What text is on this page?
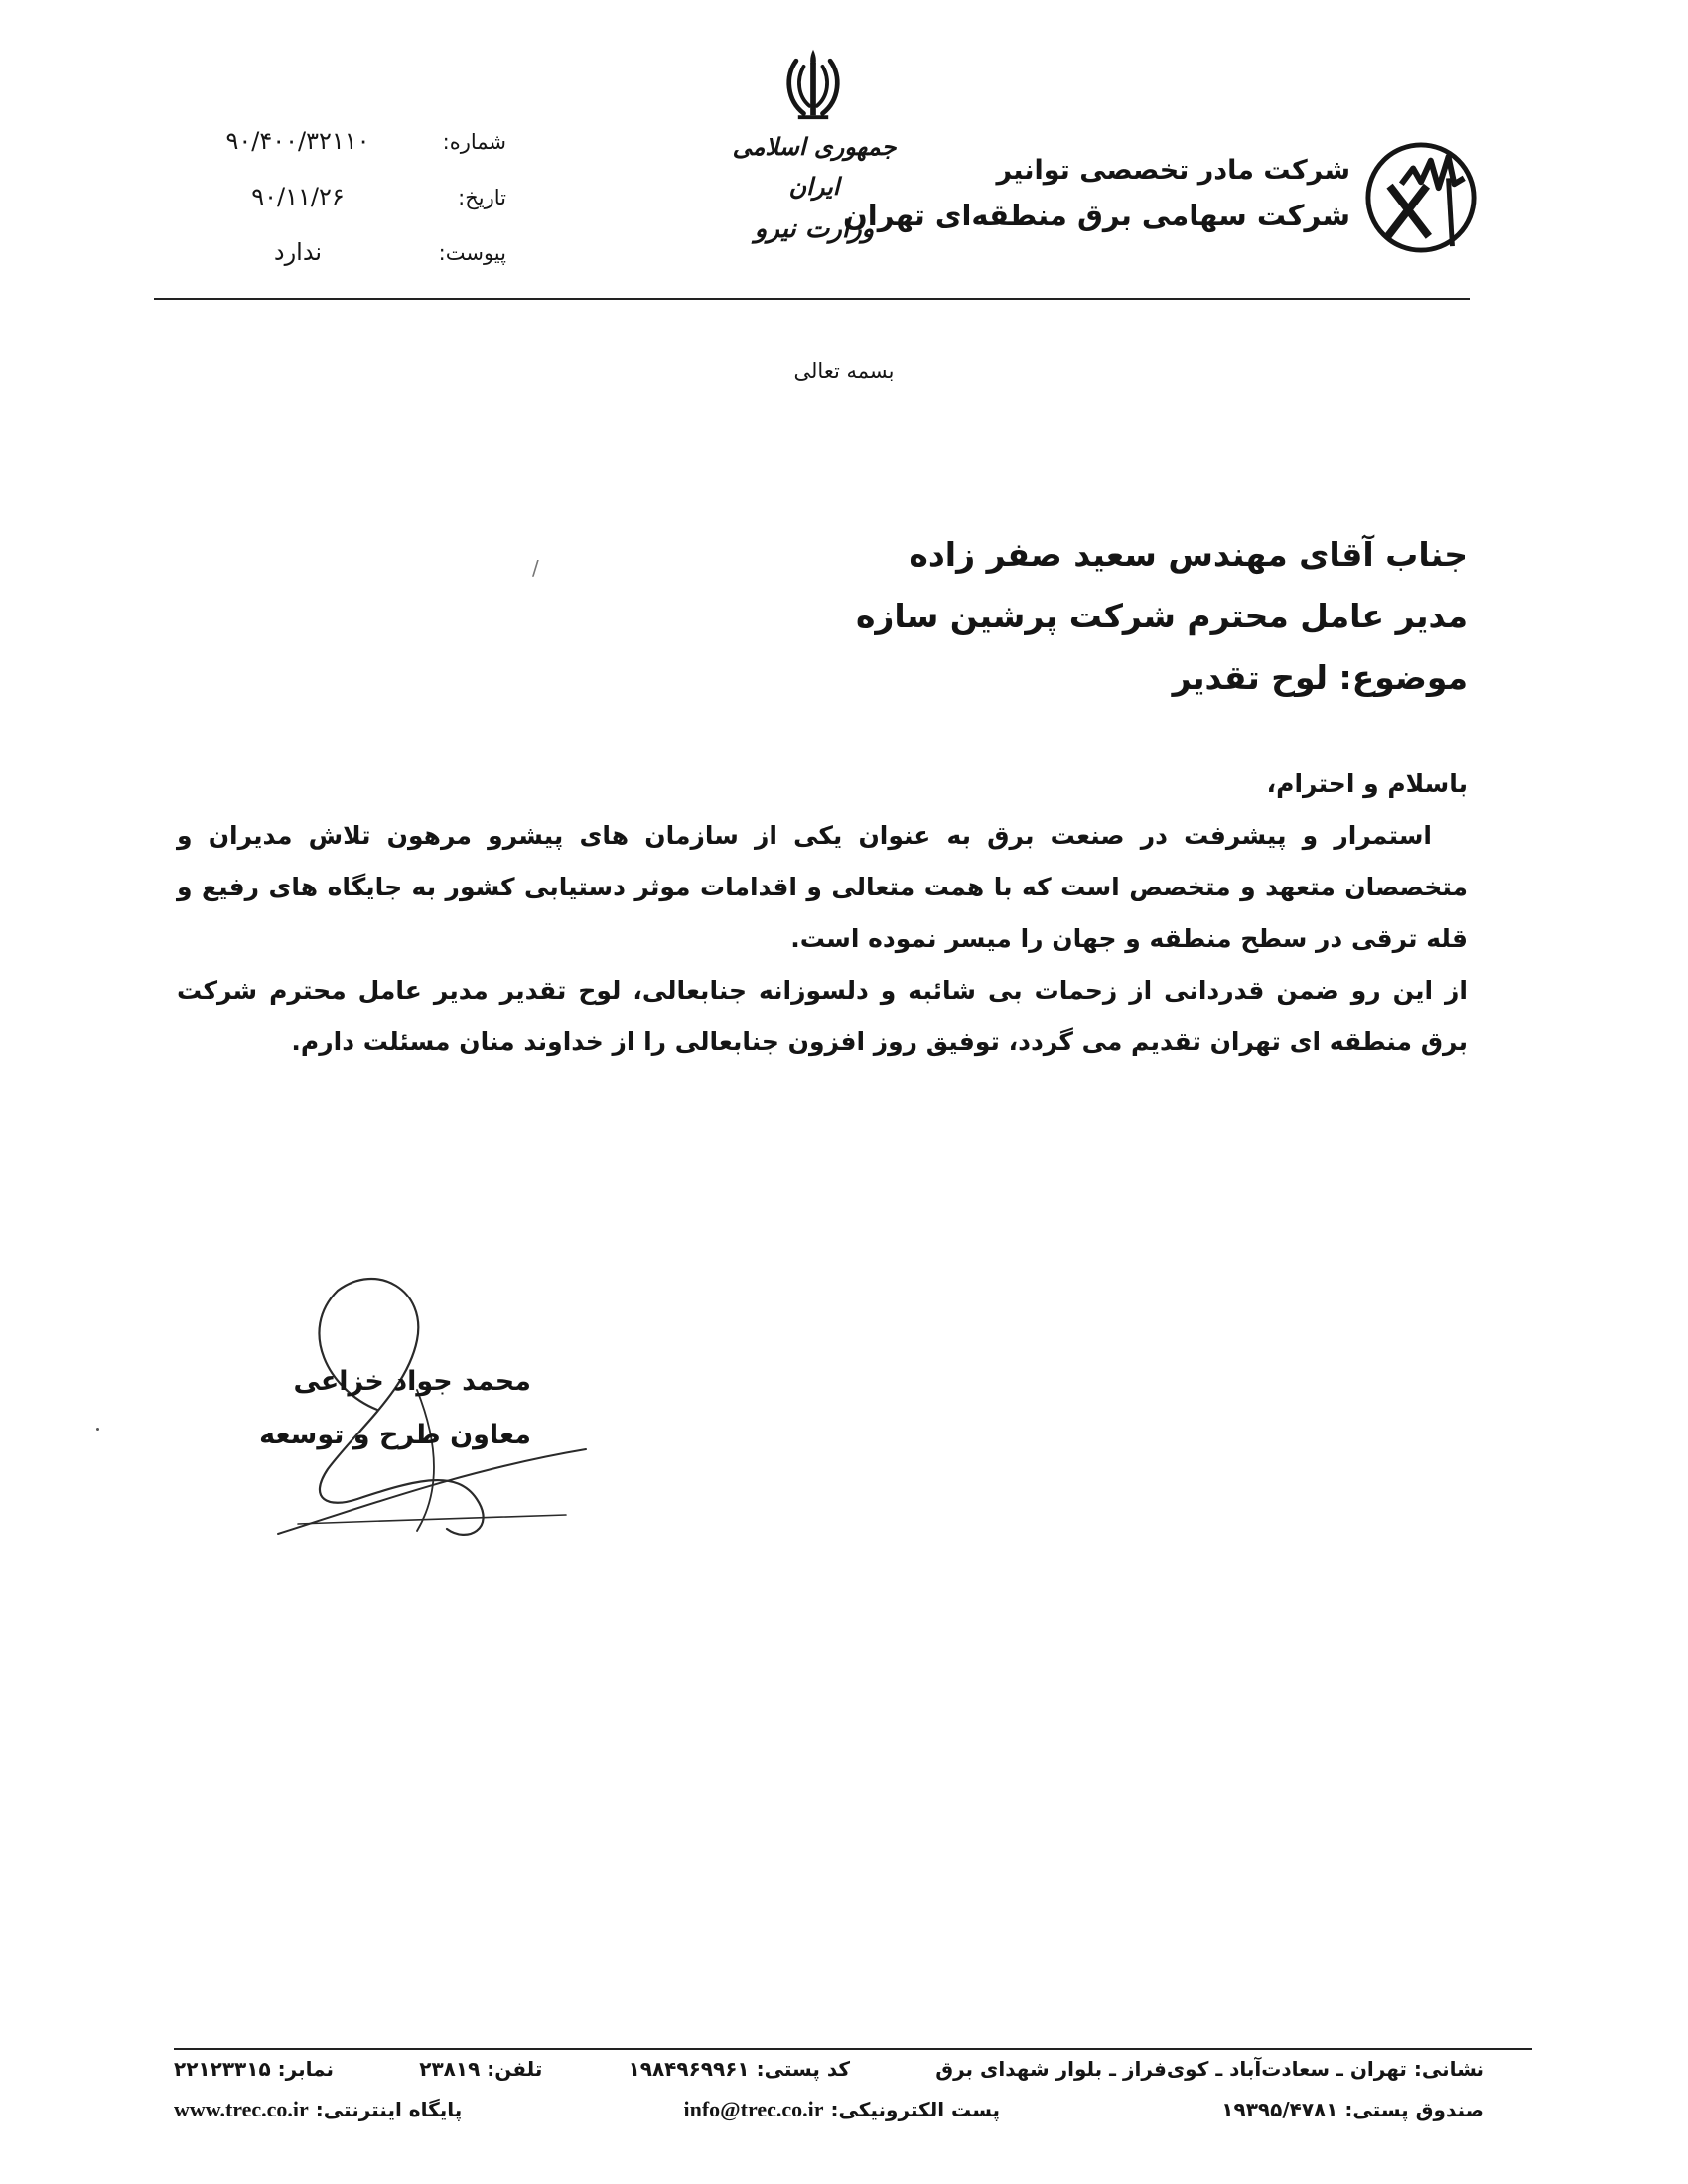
شرکت مادر تخصصی توانیر
شرکت سهامی برق منطقه‌ای تهران
جمهوری اسلامی ایران
وزارت نیرو
شماره:
۹۰/۴۰۰/۳۲۱۱۰
تاریخ:
۹۰/۱۱/۲۶
پیوست:
ندارد
بسمه تعالی
جناب آقای مهندس سعید صفر زاده
مدیر عامل محترم شرکت پرشین سازه
موضوع: لوح تقدیر
/
باسلام و احترام،
استمرار و پیشرفت در صنعت برق به عنوان یکی از سازمان های پیشرو مرهون تلاش مدیران و متخصصان متعهد و متخصص است که با همت متعالی و اقدامات موثر دستیابی کشور به جایگاه های رفیع و قله ترقی در سطح منطقه و جهان را میسر نموده است.
از این رو ضمن قدردانی از زحمات بی شائبه و دلسوزانه جنابعالی، لوح تقدیر مدیر عامل محترم شرکت برق منطقه ای تهران تقدیم می گردد، توفیق روز افزون جنابعالی را از خداوند منان مسئلت دارم.
محمد جواد خزاعی
معاون طرح و توسعه
نشانی: تهران ـ سعادت‌آباد ـ کوی‌فراز ـ بلوار شهدای برق
کد پستی: ۱۹۸۴۹۶۹۹۶۱
تلفن: ۲۳۸۱۹
نمابر: ۲۲۱۲۳۳۱۵
صندوق پستی: ۱۹۳۹۵/۴۷۸۱
پست الکترونیکی: info@trec.co.ir
پایگاه اینترنتی: www.trec.co.ir
